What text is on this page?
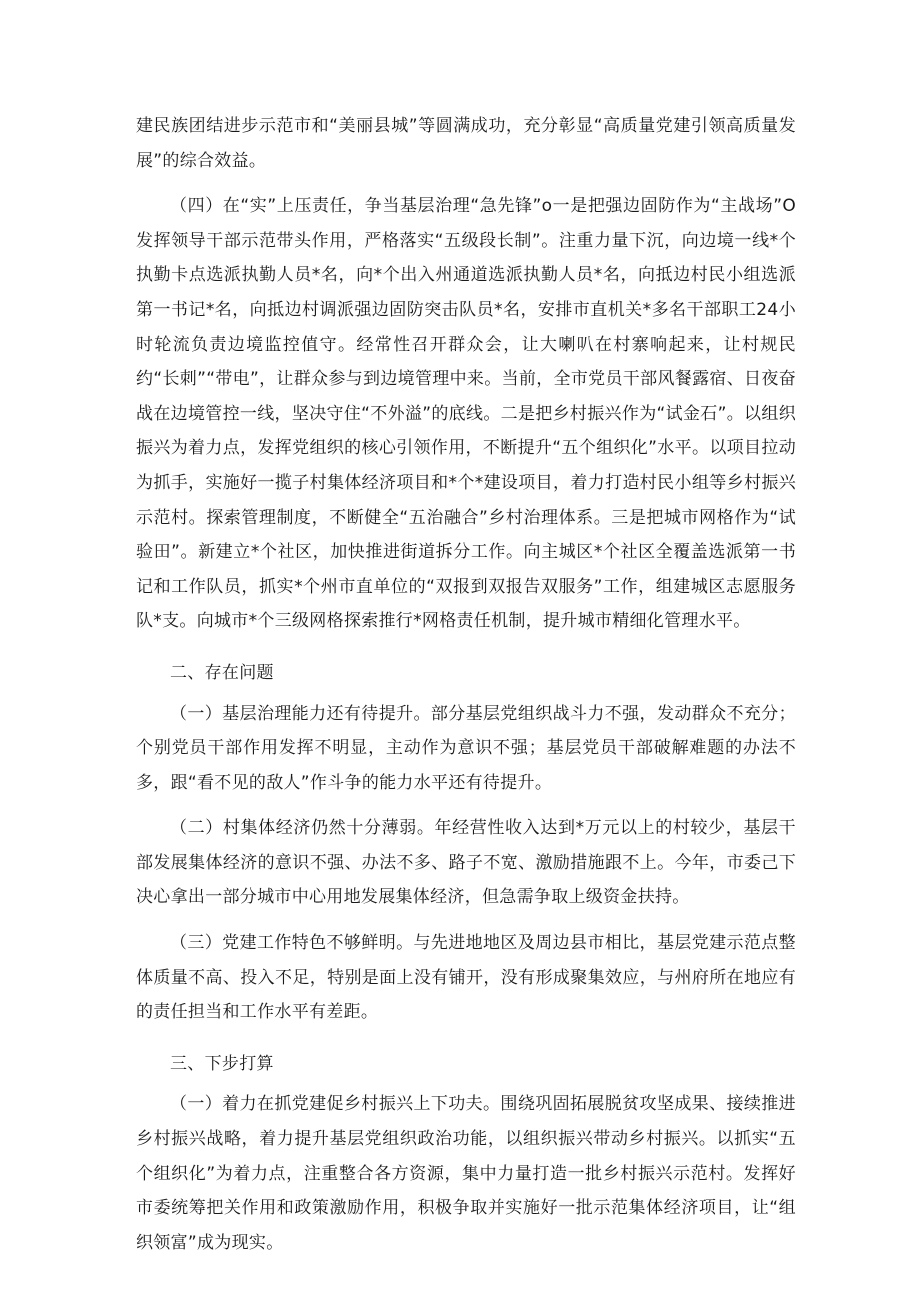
建民族团结进步示范市和“美丽县城”等圆满成功，充分彰显“高质量党建引领高质量发展”的综合效益。

（四）在“实”上压责任，争当基层治理“急先锋”o一是把强边固防作为“主战场”O发挥领导干部示范带头作用，严格落实“五级段长制”。注重力量下沉，向边境一线*个执勤卡点选派执勤人员*名，向*个出入州通道选派执勤人员*名，向抵边村民小组选派第一书记*名，向抵边村调派强边固防突击队员*名，安排市直机关*多名干部职工24小时轮流负责边境监控值守。经常性召开群众会，让大喇叭在村寨响起来，让村规民约“长刺”“带电”，让群众参与到边境管理中来。当前，全市党员干部风餐露宿、日夜奋战在边境管控一线，坚决守住“不外溢”的底线。二是把乡村振兴作为“试金石”。以组织振兴为着力点，发挥党组织的核心引领作用，不断提升“五个组织化”水平。以项目拉动为抓手，实施好一揽子村集体经济项目和*个*建设项目，着力打造村民小组等乡村振兴示范村。探索管理制度，不断健全“五治融合”乡村治理体系。三是把城市网格作为“试验田”。新建立*个社区，加快推进街道拆分工作。向主城区*个社区全覆盖选派第一书记和工作队员，抓实*个州市直单位的“双报到双报告双服务”工作，组建城区志愿服务队*支。向城市*个三级网格探索推行*网格责任机制，提升城市精细化管理水平。

二、存在问题

（一）基层治理能力还有待提升。部分基层党组织战斗力不强，发动群众不充分；个别党员干部作用发挥不明显，主动作为意识不强；基层党员干部破解难题的办法不多，跟“看不见的敌人”作斗争的能力水平还有待提升。

（二）村集体经济仍然十分薄弱。年经营性收入达到*万元以上的村较少，基层干部发展集体经济的意识不强、办法不多、路子不宽、激励措施跟不上。今年，市委己下决心拿出一部分城市中心用地发展集体经济，但急需争取上级资金扶持。

（三）党建工作特色不够鲜明。与先进地地区及周边县市相比，基层党建示范点整体质量不高、投入不足，特别是面上没有铺开，没有形成聚集效应，与州府所在地应有的责任担当和工作水平有差距。

三、下步打算

（一）着力在抓党建促乡村振兴上下功夫。围绕巩固拓展脱贫攻坚成果、接续推进乡村振兴战略，着力提升基层党组织政治功能，以组织振兴带动乡村振兴。以抓实“五个组织化”为着力点，注重整合各方资源，集中力量打造一批乡村振兴示范村。发挥好市委统筹把关作用和政策激励作用，积极争取并实施好一批示范集体经济项目，让“组织领富”成为现实。
